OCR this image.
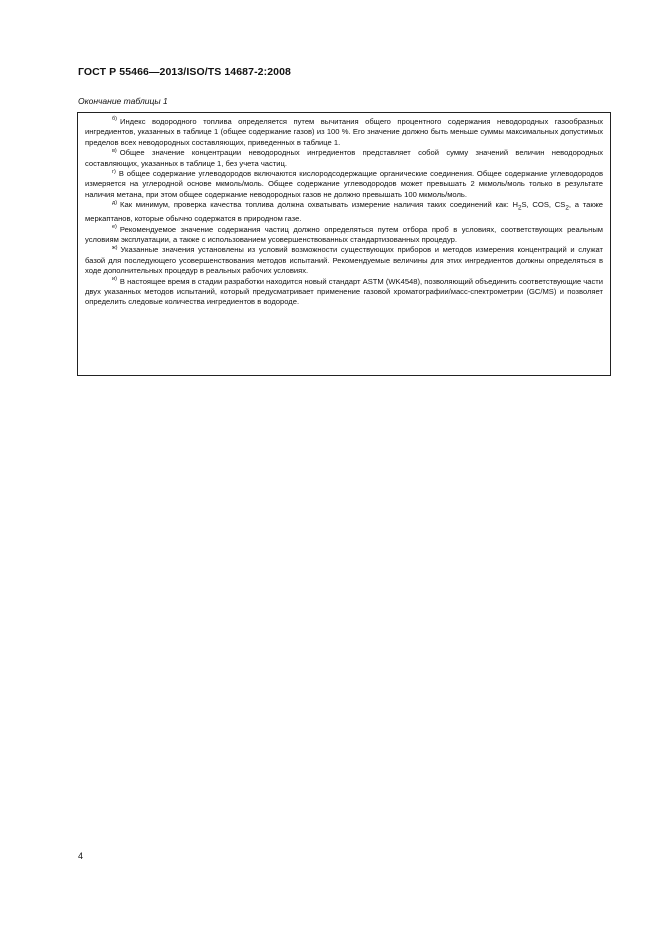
ГОСТ Р 55466—2013/ISO/TS 14687-2:2008
Окончание таблицы 1

$^{б)}$ Индекс водородного топлива определяется путем вычитания общего процентного содержания неводородных газообразных ингредиентов, указанных в таблице 1 (общее содержание газов) из 100 %. Его значение должно быть меньше суммы максимальных допустимых пределов всех неводородных составляющих, приведенных в таблице 1.

$^{в)}$ Общее значение концентрации неводородных ингредиентов представляет собой сумму значений величин неводородных составляющих, указанных в таблице 1, без учета частиц.

$^{г)}$ В общее содержание углеводородов включаются кислородсодержащие органические соединения. Общее содержание углеводородов измеряется на углеродной основе мкмоль/моль. Общее содержание углеводородов может превышать 2 мкмоль/моль только в результате наличия метана, при этом общее содержание неводородных газов не должно превышать 100 мкмоль/моль.

$^{д)}$ Как минимум, проверка качества топлива должна охватывать измерение наличия таких соединений как: $H_2S$, COS, $CS_2$, а также меркаптанов, которые обычно содержатся в природном газе.

$^{е)}$ Рекомендуемое значение содержания частиц должно определяться путем отбора проб в условиях, соответствующих реальным условиям эксплуатации, а также с использованием усовершенствованных стандартизованных процедур.

$^{ж)}$ Указанные значения установлены из условий возможности существующих приборов и методов измерения концентраций и служат базой для последующего усовершенствования методов испытаний. Рекомендуемые величины для этих ингредиентов должны определяться в ходе дополнительных процедур в реальных рабочих условиях.

$^{и)}$ В настоящее время в стадии разработки находится новый стандарт ASTM (WK4548), позволяющий объединить соответствующие части двух указанных методов испытаний, который предусматривает применение газовой хроматографии/масс-спектрометрии (GC/MS) и позволяет определить следовые количества ингредиентов в водороде.

4
